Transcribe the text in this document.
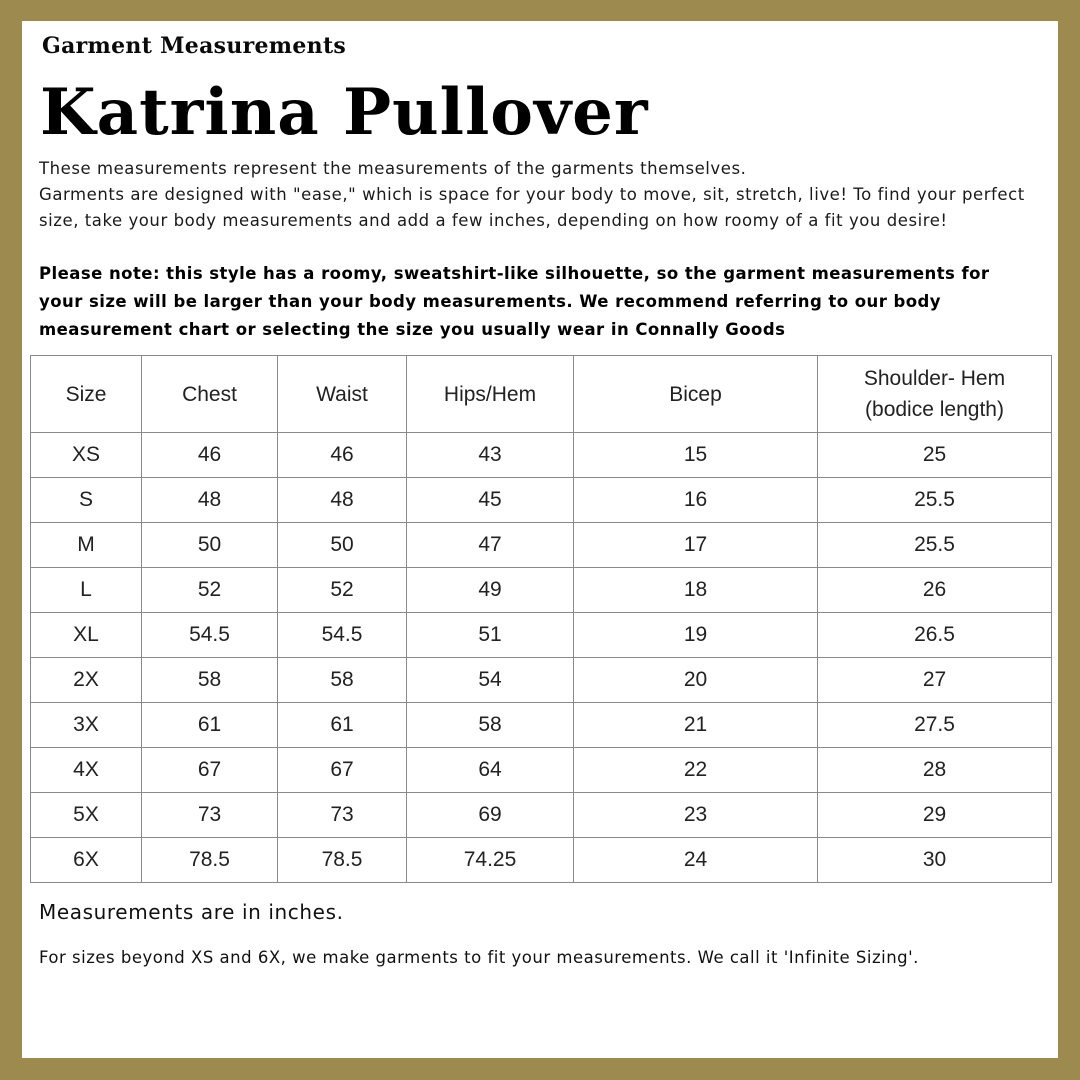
Garment Measurements
Katrina Pullover

These measurements represent the measurements of the garments themselves.

Garments are designed with "ease," which is space for your body to move, sit, stretch, live! To find your perfect size, take your body measurements and add a few inches, depending on how roomy of a fit you desire!

Please note: this style has a roomy, sweatshirt-like silhouette, so the garment measurements for your size will be larger than your body measurements. We recommend referring to our body measurement chart or selecting the size you usually wear in Connally Goods
Size	Chest	Waist	Hips/Hem	Bicep	Shoulder- Hem
(bodice length)
XS	46	46	43	15	25
S	48	48	45	16	25.5
M	50	50	47	17	25.5
L	52	52	49	18	26
XL	54.5	54.5	51	19	26.5
2X	58	58	54	20	27
3X	61	61	58	21	27.5
4X	67	67	64	22	28
5X	73	73	69	23	29
6X	78.5	78.5	74.25	24	30
Measurements are in inches.
For sizes beyond XS and 6X, we make garments to fit your measurements. We call it 'Infinite Sizing'.
